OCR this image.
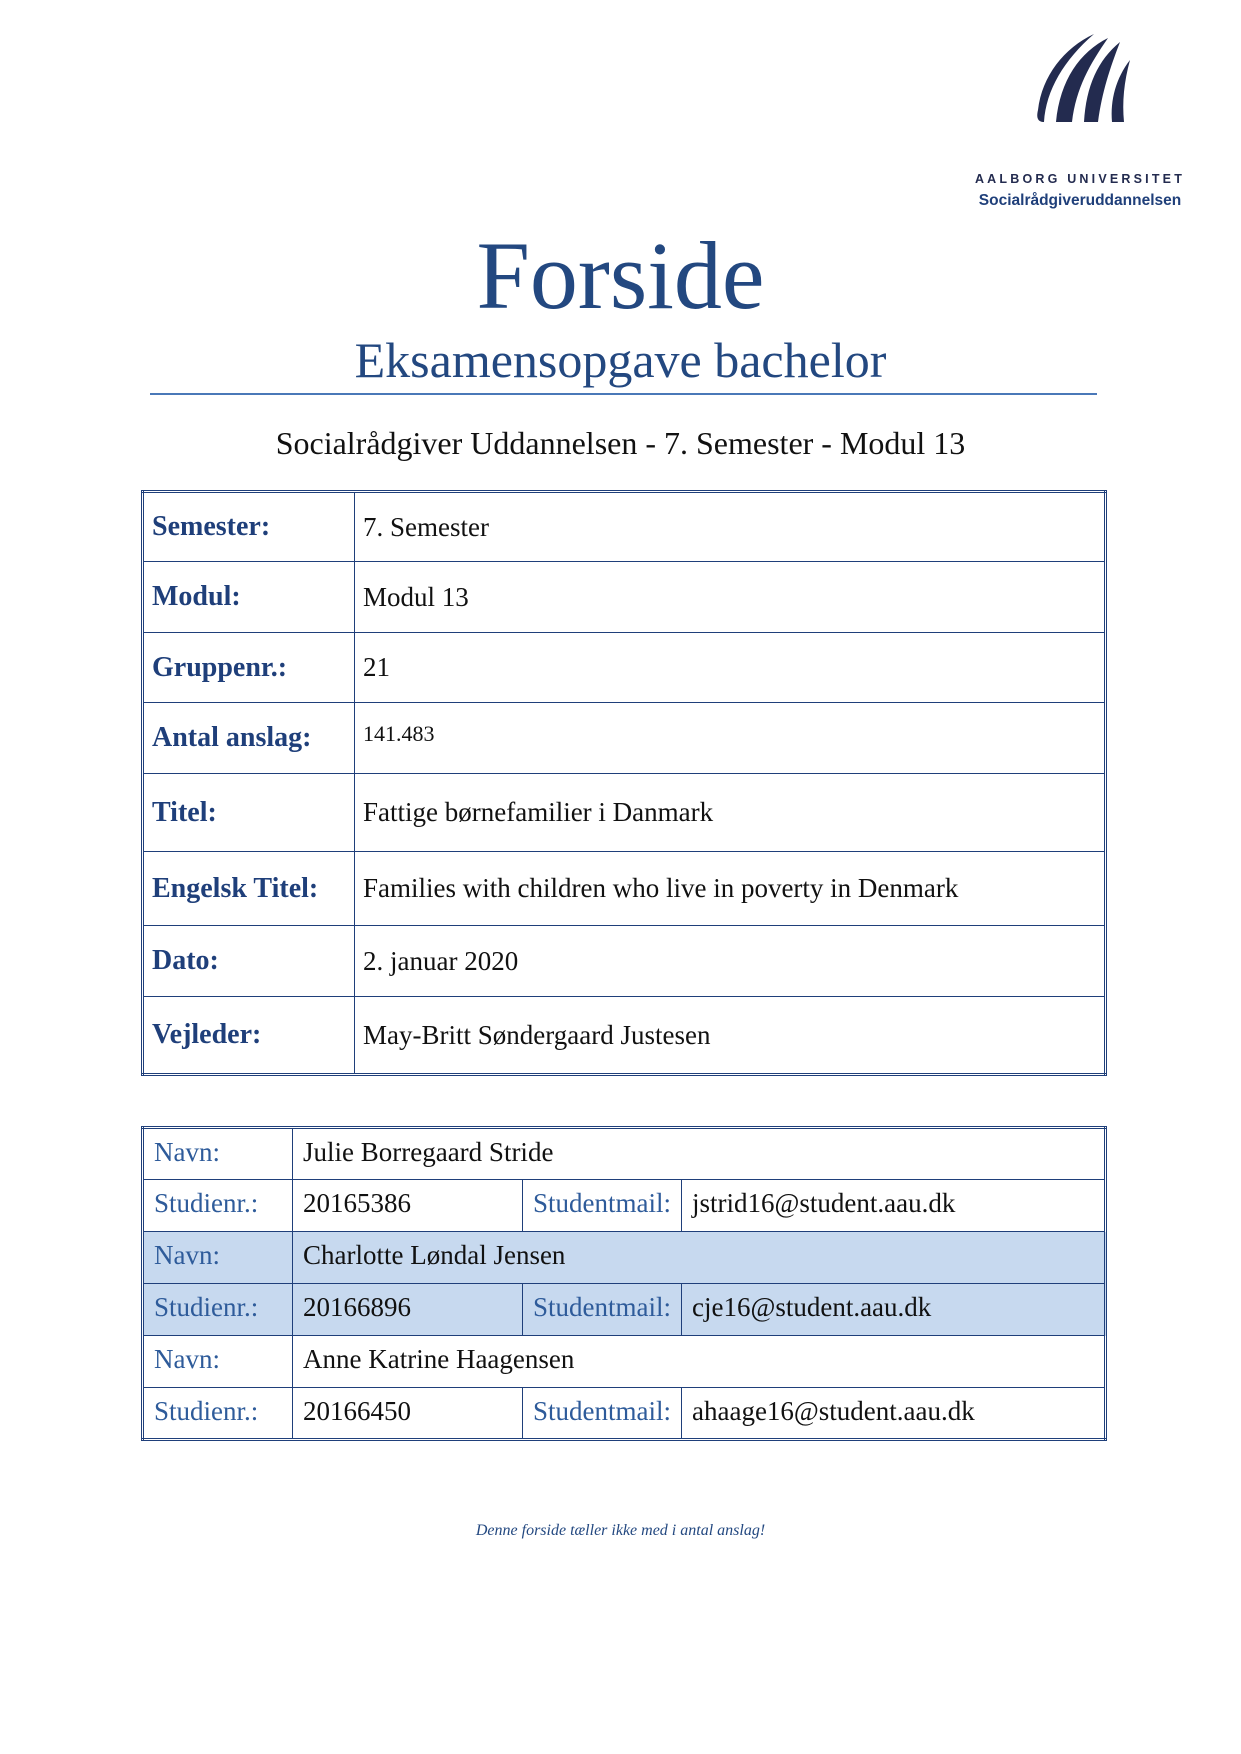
AALBORG UNIVERSITET
Socialrådgiveruddannelsen
Forside
Eksamensopgave bachelor
Socialrådgiver Uddannelsen - 7. Semester - Modul 13
Semester:	7. Semester
Modul:	Modul 13
Gruppenr.:	21
Antal anslag:	141.483
Titel:	Fattige børnefamilier i Danmark
Engelsk Titel:	Families with children who live in poverty in Denmark
Dato:	2. januar 2020
Vejleder:	May-Britt Søndergaard Justesen
Navn:	Julie Borregaard Stride		
Studienr.:	20165386	Studentmail:	jstrid16@student.aau.dk
Navn:	Charlotte Løndal Jensen		
Studienr.:	20166896	Studentmail:	cje16@student.aau.dk
Navn:	Anne Katrine Haagensen		
Studienr.:	20166450	Studentmail:	ahaage16@student.aau.dk
Denne forside tæller ikke med i antal anslag!
